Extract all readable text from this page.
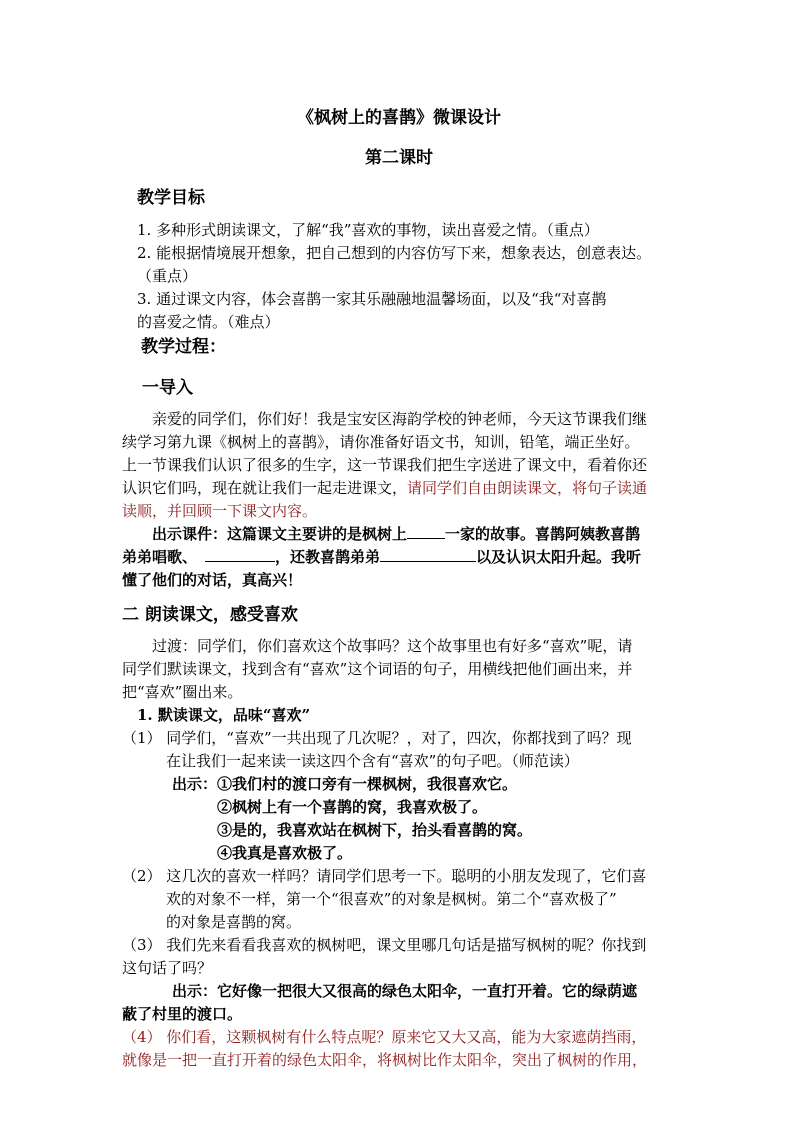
《枫树上的喜鹊》微课设计
第二课时
教学目标
1. 多种形式朗读课文，了解“我”喜欢的事物，读出喜爱之情。（重点）
2. 能根据情境展开想象，把自己想到的内容仿写下来，想象表达，创意表达。
（重点）
3. 通过课文内容，体会喜鹊一家其乐融融地温馨场面，以及“我“对喜鹊
的喜爱之情。（难点）
教学过程：
一导入
亲爱的同学们，你们好！我是宝安区海韵学校的钟老师，今天这节课我们继
续学习第九课《枫树上的喜鹊》，请你准备好语文书，知训，铅笔，端正坐好。
上一节课我们认识了很多的生字，这一节课我们把生字送进了课文中，看着你还
认识它们吗，现在就让我们一起走进课文，请同学们自由朗读课文，将句子读通
读顺，并回顾一下课文内容。
出示课件：这篇课文主要讲的是枫树上	一家的故事。喜鹊阿姨教喜鹊
弟弟唱歌、	，还教喜鹊弟弟	以及认识太阳升起。我听
懂了他们的对话，真高兴！
二 朗读课文，感受喜欢
过渡：同学们，你们喜欢这个故事吗？这个故事里也有好多“喜欢”呢，请
同学们默读课文，找到含有“喜欢”这个词语的句子，用横线把他们画出来，并
把“喜欢”圈出来。
1. 默读课文，品味“喜欢”
（1） 同学们，“喜欢”一共出现了几次呢？，对了，四次，你都找到了吗？现
在让我们一起来读一读这四个含有“喜欢”的句子吧。（师范读）
出示： ①我们村的渡口旁有一棵枫树，我很喜欢它。
②枫树上有一个喜鹊的窝，我喜欢极了。
③是的，我喜欢站在枫树下，抬头看喜鹊的窝。
④我真是喜欢极了。
（2） 这几次的喜欢一样吗？请同学们思考一下。聪明的小朋友发现了，它们喜
欢的对象不一样，第一个“很喜欢”的对象是枫树。第二个“喜欢极了”
的对象是喜鹊的窝。
（3） 我们先来看看我喜欢的枫树吧，课文里哪几句话是描写枫树的呢？你找到
这句话了吗？
出示：它好像一把很大又很高的绿色太阳伞，一直打开着。它的绿荫遮
蔽了村里的渡口。
（4） 你们看，这颗枫树有什么特点呢？原来它又大又高，能为大家遮荫挡雨，
就像是一把一直打开着的绿色太阳伞，将枫树比作太阳伞，突出了枫树的作用，
